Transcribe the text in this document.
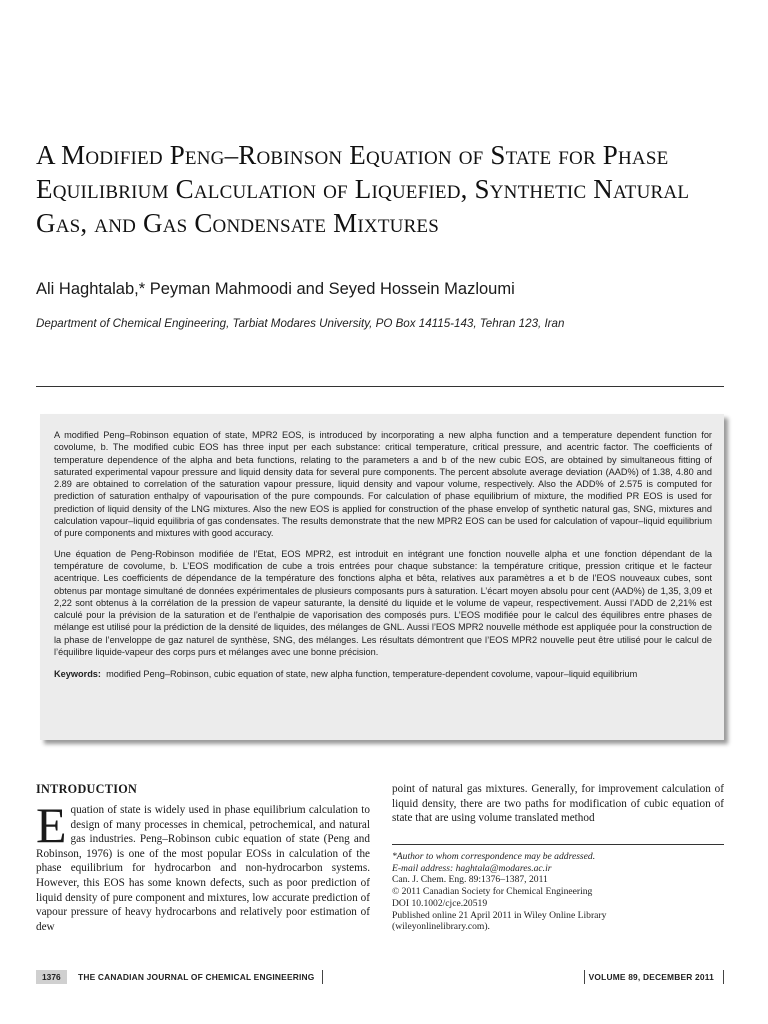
A Modified Peng–Robinson Equation of State for Phase Equilibrium Calculation of Liquefied, Synthetic Natural Gas, and Gas Condensate Mixtures
Ali Haghtalab,* Peyman Mahmoodi and Seyed Hossein Mazloumi
Department of Chemical Engineering, Tarbiat Modares University, PO Box 14115-143, Tehran 123, Iran

A modified Peng–Robinson equation of state, MPR2 EOS, is introduced by incorporating a new alpha function and a temperature dependent function for covolume, b. The modified cubic EOS has three input per each substance: critical temperature, critical pressure, and acentric factor. The coefficients of temperature dependence of the alpha and beta functions, relating to the parameters a and b of the new cubic EOS, are obtained by simultaneous fitting of saturated experimental vapour pressure and liquid density data for several pure components. The percent absolute average deviation (AAD%) of 1.38, 4.80 and 2.89 are obtained to correlation of the saturation vapour pressure, liquid density and vapour volume, respectively. Also the ADD% of 2.575 is computed for prediction of saturation enthalpy of vapourisation of the pure compounds. For calculation of phase equilibrium of mixture, the modified PR EOS is used for prediction of liquid density of the LNG mixtures. Also the new EOS is applied for construction of the phase envelop of synthetic natural gas, SNG, mixtures and calculation vapour–liquid equilibria of gas condensates. The results demonstrate that the new MPR2 EOS can be used for calculation of vapour–liquid equilibrium of pure components and mixtures with good accuracy.

Une équation de Peng-Robinson modifiée de l’Etat, EOS MPR2, est introduit en intégrant une fonction nouvelle alpha et une fonction dépendant de la température de covolume, b. L’EOS modification de cube a trois entrées pour chaque substance: la température critique, pression critique et le facteur acentrique. Les coefficients de dépendance de la température des fonctions alpha et bêta, relatives aux paramètres a et b de l’EOS nouveaux cubes, sont obtenus par montage simultané de données expérimentales de plusieurs composants purs à saturation. L’écart moyen absolu pour cent (AAD%) de 1,35, 3,09 et 2,22 sont obtenus à la corrélation de la pression de vapeur saturante, la densité du liquide et le volume de vapeur, respectivement. Aussi l’ADD de 2,21% est calculé pour la prévision de la saturation et de l’enthalpie de vaporisation des composés purs. L’EOS modifiée pour le calcul des équilibres entre phases de mélange est utilisé pour la prédiction de la densité de liquides, des mélanges de GNL. Aussi l’EOS MPR2 nouvelle méthode est appliquée pour la construction de la phase de l’enveloppe de gaz naturel de synthèse, SNG, des mélanges. Les résultats démontrent que l’EOS MPR2 nouvelle peut être utilisé pour le calcul de l’équilibre liquide-vapeur des corps purs et mélanges avec une bonne précision.

Keywords: modified Peng–Robinson, cubic equation of state, new alpha function, temperature-dependent covolume, vapour–liquid equilibrium

INTRODUCTION

Equation of state is widely used in phase equilibrium calculation to design of many processes in chemical, petrochemical, and natural gas industries. Peng–Robinson cubic equation of state (Peng and Robinson, 1976) is one of the most popular EOSs in calculation of the phase equilibrium for hydrocarbon and non-hydrocarbon systems. However, this EOS has some known defects, such as poor prediction of liquid density of pure component and mixtures, low accurate prediction of vapour pressure of heavy hydrocarbons and relatively poor estimation of dew

point of natural gas mixtures. Generally, for improvement calculation of liquid density, there are two paths for modification of cubic equation of state that are using volume translated method

*Author to whom correspondence may be addressed.
E-mail address: haghtala@modares.ac.ir
Can. J. Chem. Eng. 89:1376–1387, 2011
© 2011 Canadian Society for Chemical Engineering
DOI 10.1002/cjce.20519
Published online 21 April 2011 in Wiley Online Library
(wileyonlinelibrary.com).
1376	THE CANADIAN JOURNAL OF CHEMICAL ENGINEERING	VOLUME 89, DECEMBER 2011
